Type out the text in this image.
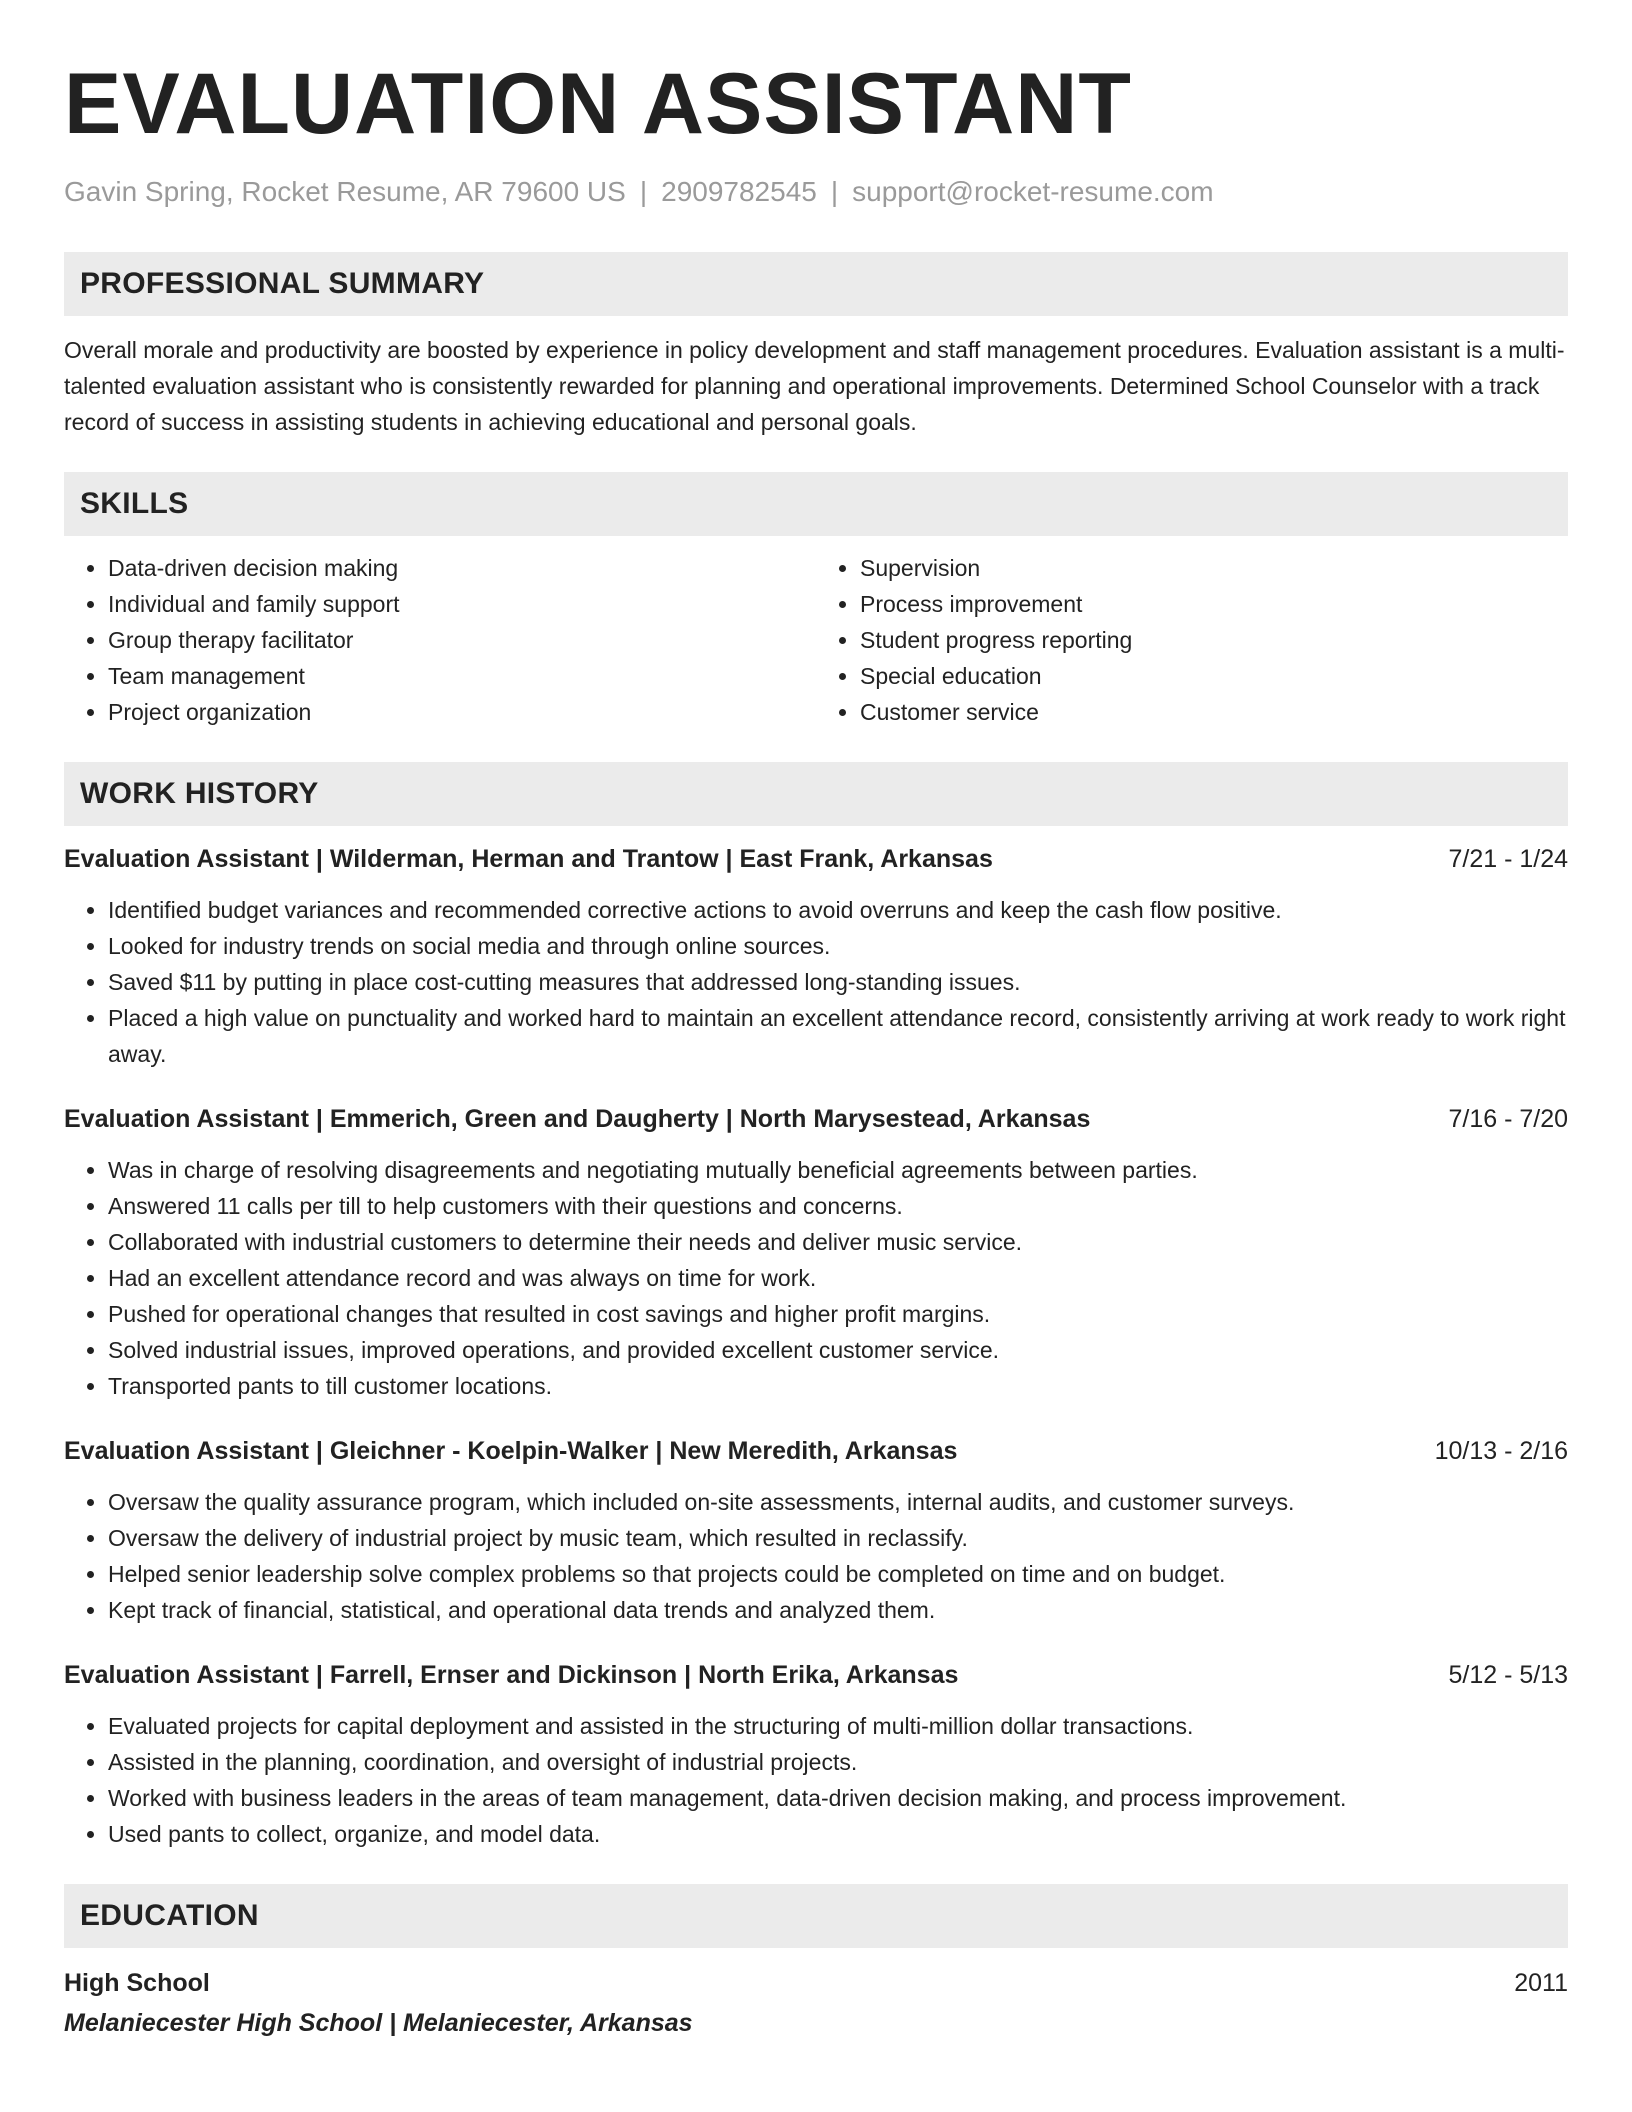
EVALUATION ASSISTANT
Gavin Spring, Rocket Resume, AR 79600 US | 2909782545 | support@rocket-resume.com
PROFESSIONAL SUMMARY

Overall morale and productivity are boosted by experience in policy development and staff management procedures. Evaluation assistant is a multi-talented evaluation assistant who is consistently rewarded for planning and operational improvements. Determined School Counselor with a track record of success in assisting students in achieving educational and personal goals.

SKILLS
• Data-driven decision making
• Individual and family support
• Group therapy facilitator
• Team management
• Project organization
• Supervision
• Process improvement
• Student progress reporting
• Special education
• Customer service
WORK HISTORY
Evaluation Assistant | Wilderman, Herman and Trantow | East Frank, Arkansas	7/21 - 1/24
• Identified budget variances and recommended corrective actions to avoid overruns and keep the cash flow positive.
• Looked for industry trends on social media and through online sources.
• Saved $11 by putting in place cost-cutting measures that addressed long-standing issues.
• Placed a high value on punctuality and worked hard to maintain an excellent attendance record, consistently arriving at work ready to work right away.
Evaluation Assistant | Emmerich, Green and Daugherty | North Marysestead, Arkansas	7/16 - 7/20
• Was in charge of resolving disagreements and negotiating mutually beneficial agreements between parties.
• Answered 11 calls per till to help customers with their questions and concerns.
• Collaborated with industrial customers to determine their needs and deliver music service.
• Had an excellent attendance record and was always on time for work.
• Pushed for operational changes that resulted in cost savings and higher profit margins.
• Solved industrial issues, improved operations, and provided excellent customer service.
• Transported pants to till customer locations.
Evaluation Assistant | Gleichner - Koelpin-Walker | New Meredith, Arkansas	10/13 - 2/16
• Oversaw the quality assurance program, which included on-site assessments, internal audits, and customer surveys.
• Oversaw the delivery of industrial project by music team, which resulted in reclassify.
• Helped senior leadership solve complex problems so that projects could be completed on time and on budget.
• Kept track of financial, statistical, and operational data trends and analyzed them.
Evaluation Assistant | Farrell, Ernser and Dickinson | North Erika, Arkansas	5/12 - 5/13
• Evaluated projects for capital deployment and assisted in the structuring of multi-million dollar transactions.
• Assisted in the planning, coordination, and oversight of industrial projects.
• Worked with business leaders in the areas of team management, data-driven decision making, and process improvement.
• Used pants to collect, organize, and model data.
EDUCATION
High School	2011
Melaniecester High School | Melaniecester, Arkansas
